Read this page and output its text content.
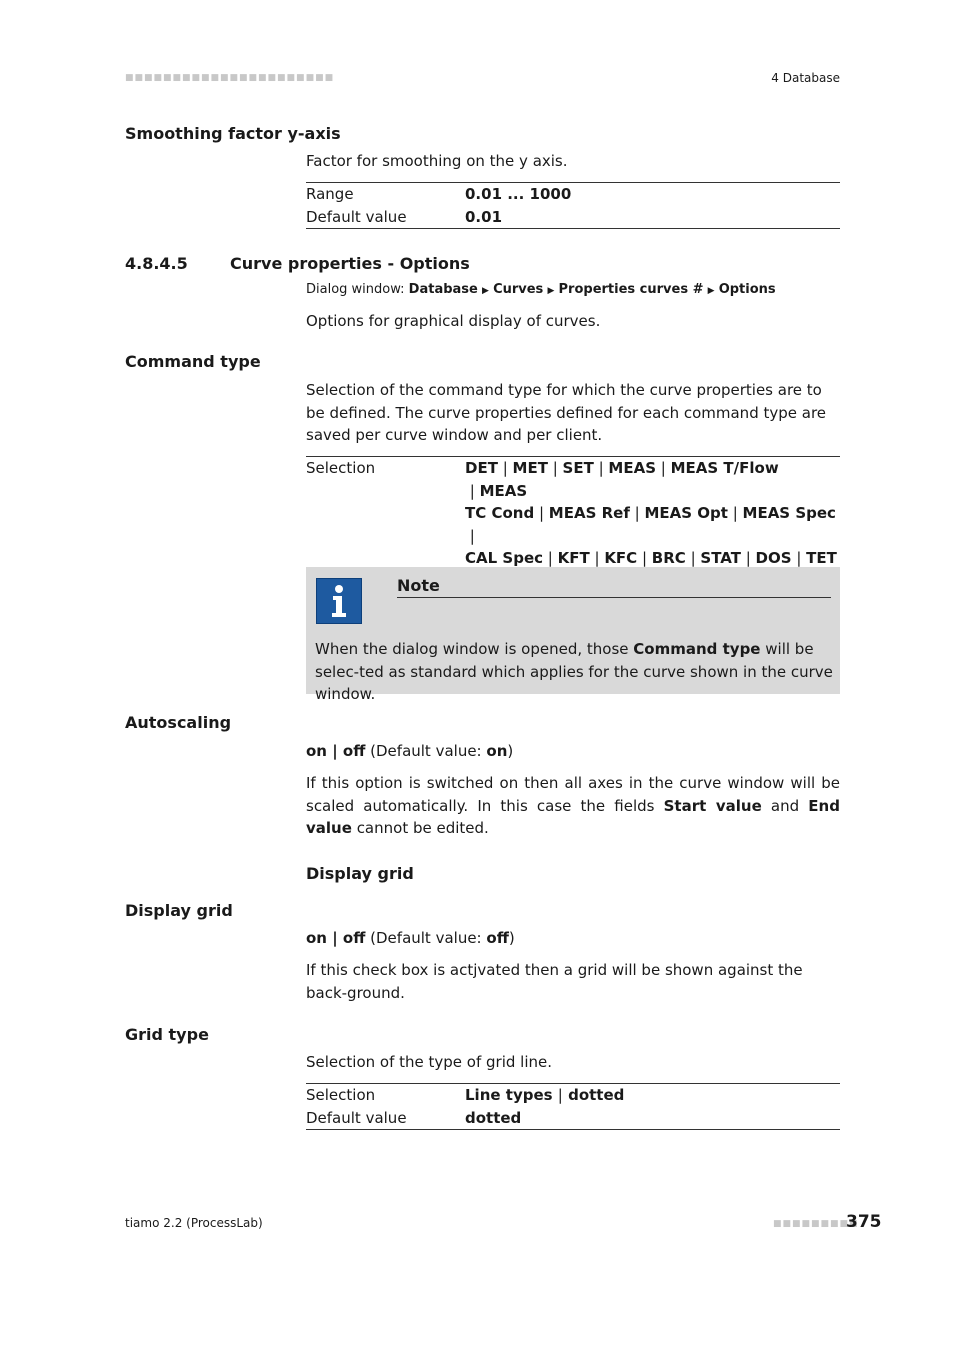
■■■■■■■■■■■■■■■■■■■■■■	4 Database
Smoothing factor y-axis
Factor for smoothing on the y axis.
Range	0.01 ... 1000
Default value	0.01
4.8.4.5	Curve properties - Options
Dialog window: Database ▶ Curves ▶ Properties curves # ▶ Options
Options for graphical display of curves.
Command type
Selection of the command type for which the curve properties are to be defined. The curve properties defined for each command type are saved per curve window and per client.
Selection	DET | MET | SET | MEAS | MEAS T/Flow | MEAS
TC Cond | MEAS Ref | MEAS Opt | MEAS Spec |
CAL Spec | KFT | KFC | BRC | STAT | DOS | TET
Note
When the dialog window is opened, those Command type will be selec-ted as standard which applies for the curve shown in the curve window.
Autoscaling
on | off (Default value: on)
If this option is switched on then all axes in the curve window will be scaled automatically. In this case the fields Start value and End value cannot be edited.
Display grid
Display grid
on | off (Default value: off)
If this check box is actjvated then a grid will be shown against the back-ground.
Grid type
Selection of the type of grid line.
Selection	Line types | dotted
Default value	dotted
tiamo 2.2 (ProcessLab)	■■■■■■■■■
375
